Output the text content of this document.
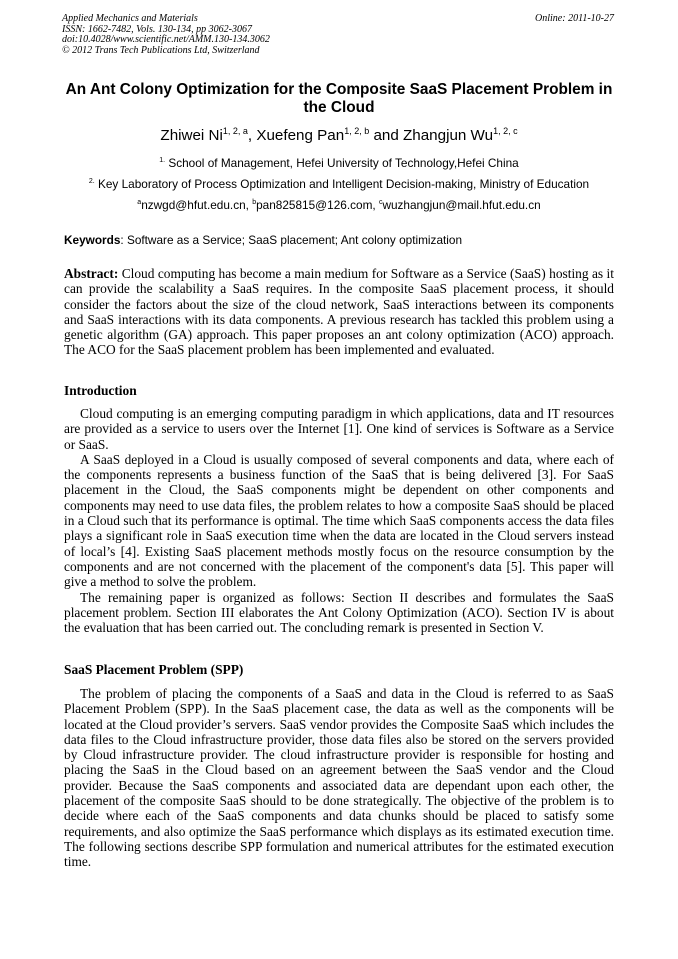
Applied Mechanics and Materials
ISSN: 1662-7482, Vols. 130-134, pp 3062-3067
doi:10.4028/www.scientific.net/AMM.130-134.3062
© 2012 Trans Tech Publications Ltd, Switzerland
Online: 2011-10-27
An Ant Colony Optimization for the Composite SaaS Placement Problem in the Cloud
Zhiwei Ni$^{1, 2, a}$, Xuefeng Pan$^{1, 2, b}$ and Zhangjun Wu$^{1, 2, c}$
$^{1.}$ School of Management, Hefei University of Technology,Hefei China
$^{2.}$ Key Laboratory of Process Optimization and Intelligent Decision-making, Ministry of Education
$^a$nzwgd@hfut.edu.cn, $^b$pan825815@126.com, $^c$wuzhangjun@mail.hfut.edu.cn
Keywords: Software as a Service; SaaS placement; Ant colony optimization

Abstract: Cloud computing has become a main medium for Software as a Service (SaaS) hosting as it can provide the scalability a SaaS requires. In the composite SaaS placement process, it should consider the factors about the size of the cloud network, SaaS interactions between its components and SaaS interactions with its data components. A previous research has tackled this problem using a genetic algorithm (GA) approach. This paper proposes an ant colony optimization (ACO) approach. The ACO for the SaaS placement problem has been implemented and evaluated.

Introduction

Cloud computing is an emerging computing paradigm in which applications, data and IT resources are provided as a service to users over the Internet [1]. One kind of services is Software as a Service or SaaS.

A SaaS deployed in a Cloud is usually composed of several components and data, where each of the components represents a business function of the SaaS that is being delivered [3]. For SaaS placement in the Cloud, the SaaS components might be dependent on other components and components may need to use data files, the problem relates to how a composite SaaS should be placed in a Cloud such that its performance is optimal. The time which SaaS components access the data files plays a significant role in SaaS execution time when the data are located in the Cloud servers instead of local’s [4]. Existing SaaS placement methods mostly focus on the resource consumption by the components and are not concerned with the placement of the component's data [5]. This paper will give a method to solve the problem.

The remaining paper is organized as follows: Section II describes and formulates the SaaS placement problem. Section III elaborates the Ant Colony Optimization (ACO). Section IV is about the evaluation that has been carried out. The concluding remark is presented in Section V.

SaaS Placement Problem (SPP)

The problem of placing the components of a SaaS and data in the Cloud is referred to as SaaS Placement Problem (SPP). In the SaaS placement case, the data as well as the components will be located at the Cloud provider’s servers. SaaS vendor provides the Composite SaaS which includes the data files to the Cloud infrastructure provider, those data files also be stored on the servers provided by Cloud infrastructure provider. The cloud infrastructure provider is responsible for hosting and placing the SaaS in the Cloud based on an agreement between the SaaS vendor and the Cloud provider. Because the SaaS components and associated data are dependant upon each other, the placement of the composite SaaS should to be done strategically. The objective of the problem is to decide where each of the SaaS components and data chunks should be placed to satisfy some requirements, and also optimize the SaaS performance which displays as its estimated execution time. The following sections describe SPP formulation and numerical attributes for the estimated execution time.
